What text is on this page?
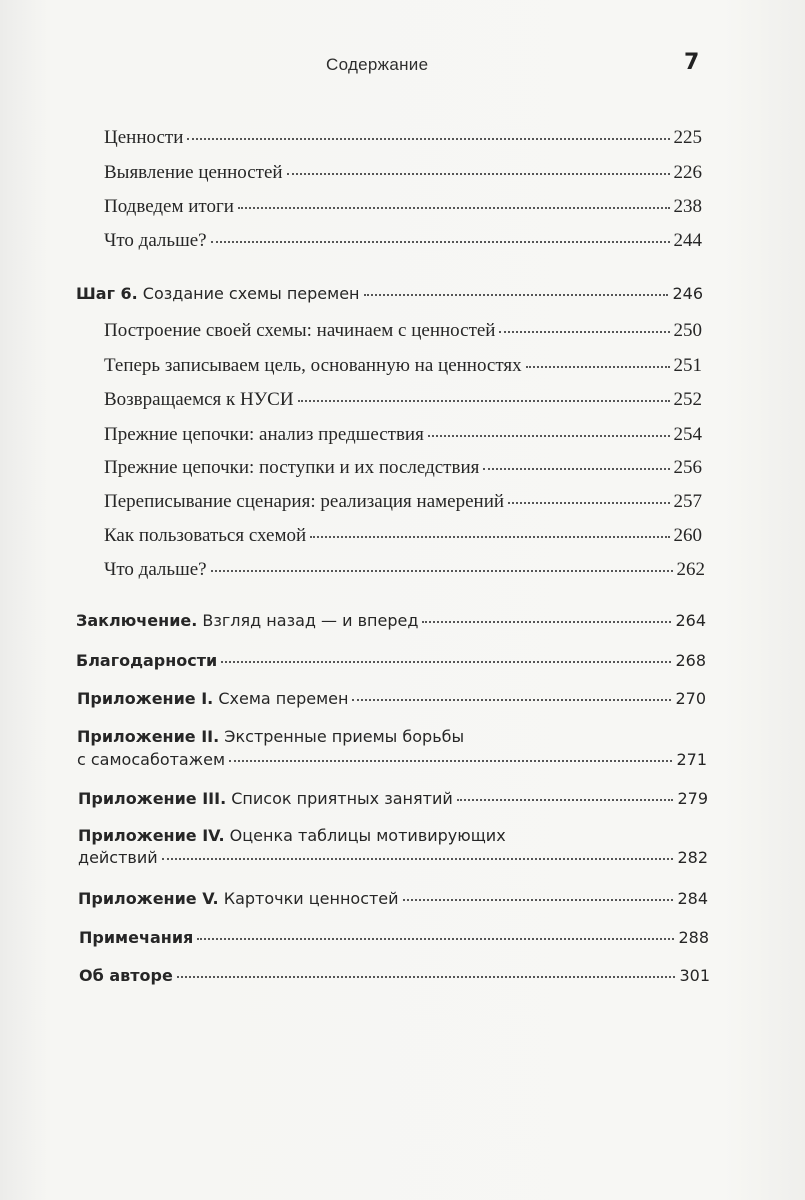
Содержание	7
Ценности	225
Выявление ценностей	226
Подведем итоги	238
Что дальше?	244
Шаг 6. Создание схемы перемен	246
Построение своей схемы: начинаем с ценностей	250
Теперь записываем цель, основанную на ценностях	251
Возвращаемся к НУСИ	252
Прежние цепочки: анализ предшествия	254
Прежние цепочки: поступки и их последствия	256
Переписывание сценария: реализация намерений	257
Как пользоваться схемой	260
Что дальше?	262
Заключение. Взгляд назад — и вперед	264
Благодарности	268
Приложение I. Схема перемен	270
Приложение II. Экстренные приемы борьбы
с самосаботажем	271
Приложение III. Список приятных занятий	279
Приложение IV. Оценка таблицы мотивирующих
действий	282
Приложение V. Карточки ценностей	284
Примечания	288
Об авторе	301
